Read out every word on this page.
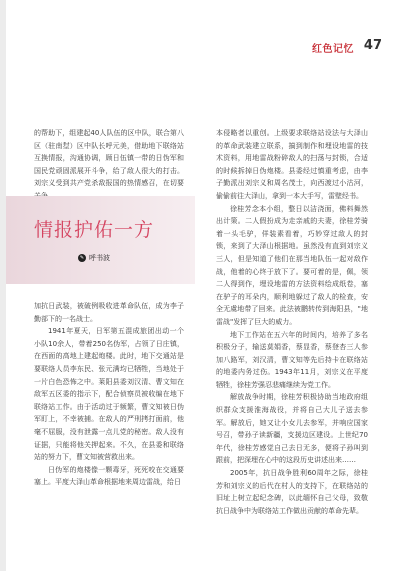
红色记忆 47

的帮助下，组建起40人队伍的区中队，联合第八区（驻南堼）区中队长呼元美，借助地下联络站互换情报，沟通协调，顾日伍镇一带的日伪军和国民党顽固派展开斗争，给了敌人很大的打击。刘宗义受到共产党杀敌报国的热情感召，在切要

情报护佑一方
✎ 呼书波

加抗日武装，被破例吸收进革命队伍，成为李子勤部下的一名战士。

1941年夏天，日军第五混成旅团出动一个小队10余人，带着250名伪军，占领了日庄镇，在西面的高地上建起炮楼。此时，地下交通站是要联络人员李东民、张元满均已牺牲，当地处于一片白色恐怖之中。莱阳县委刘汉清、曹文知在敌军五区委的指示下，配合侦察员被收编在地下联络站工作。由于活动过于频繁，曹文知被日伪军盯上，不幸被捕。在敌人的严刑拷打面前，他毫不屈服，没有泄露一点儿党的秘密。敌人没有证据，只能将他关押起来。不久，在县委和联络站的努力下，曹文知被营救出来。

日伪军的炮楼像一颗毒牙，死死咬在交通要塞上。平度大泽山革命根据地来周边雷战，给日

本侵略者以重创。上级要求联络站设法与大泽山的革命武装建立联系，搞到制作和埋设地雷的技术资料，用地雷战粉碎敌人的扫荡与封锁，合适的时候拆掉日伪炮楼。县委经过慎重考虑，由李子勤派出刘宗义和周名茂士，向西渡过小沽河，偷偷前往大泽山，拿到一本大手写，雷壁经书。

徐桂芳念本小组，整日以洁浇面，佛料舞然出计策。二人假扮成为走亲戚的夫妻，徐桂芳骑着一头毛驴，佯装素看着，巧妙穿过敌人的封锁，来到了大泽山根据地。虽然没有直到刘宗义三人，但是知道了他们在那当地队伍一起对敌作战，他着的心终于放下了。要可着的是，佩，领二人得到作，埋设地雷的方法资料绘成纸卷，塞在驴子的耳朵内，顺利地躲过了敌人的检查，安全无虞地带了回来。此法被鹏转传到海阳县，"地雷战"发挥了巨大的威力。

地下工作站在五六年的时间内，培养了多名积极分子，输送莫娟香，蔡显香，蔡登杏三人参加八路军，刘汉清，曹文知等先后持卡在联络站的地委内务过伤。1943年11月，刘宗义在平度牺牲，徐桂芳强忍悲痛继续为党工作。

解放战争时期，徐桂芳积极协助当地政府组织群众支援淮海战役，并将自己大儿子送去参军。解放后，她又让小女儿去参军，并响应国家号召，带孙子读新疆，支援边区建设。上世纪70年代，徐桂芳感觉自己去日无多，便将子孙叫到跟前，把深埋在心中的这段历史讲述出来……

2005年，抗日战争胜利60周年之际，徐桂芳和刘宗义的后代在村人的支持下，在联络站的旧址上树立起纪念碑，以此缅怀自己父母，致敬抗日战争中为联络站工作做出贡献的革命先辈。
